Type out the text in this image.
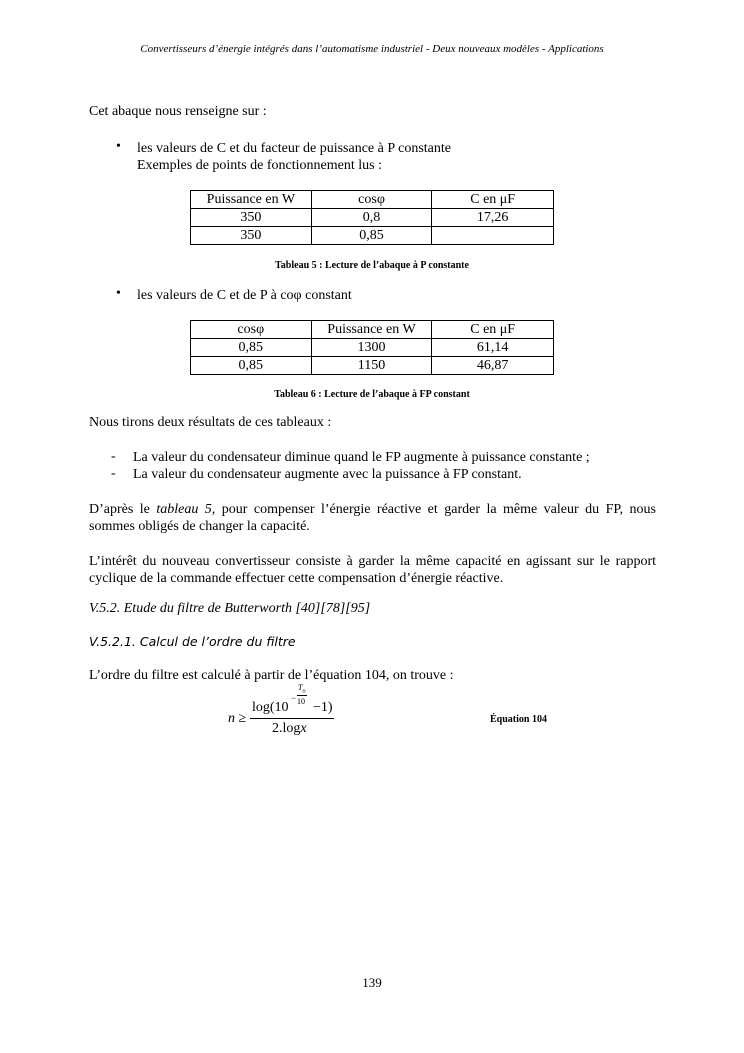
Convertisseurs d’énergie intégrés dans l’automatisme industriel - Deux nouveaux modèles - Applications
Cet abaque nous renseigne sur :
• les valeurs de C et du facteur de puissance à P constante
Exemples de points de fonctionnement lus :
Puissance en W	cosφ	C en μF
350	0,8	17,26
350	0,85	
Tableau 5 : Lecture de l’abaque à P constante
• les valeurs de C et de P à coφ constant
cosφ	Puissance en W	C en μF
0,85	1300	61,14
0,85	1150	46,87
Tableau 6 : Lecture de l’abaque à FP constant
Nous tirons deux résultats de ces tableaux :
- La valeur du condensateur diminue quand le FP augmente à puissance constante ;
- La valeur du condensateur augmente avec la puissance à FP constant.
D’après le tableau 5, pour compenser l’énergie réactive et garder la même valeur du FP, nous sommes obligés de changer la capacité.
L’intérêt du nouveau convertisseur consiste à garder la même capacité en agissant sur le rapport cyclique de la commande effectuer cette compensation d’énergie réactive.
V.5.2. Etude du filtre de Butterworth [40][78][95]
V.5.2.1. Calcul de l’ordre du filtre
L’ordre du filtre est calculé à partir de l’équation 104, on trouve :
n ≥
log(10
−
$T_o$
10 −1)
2.logx
Équation 104
139
